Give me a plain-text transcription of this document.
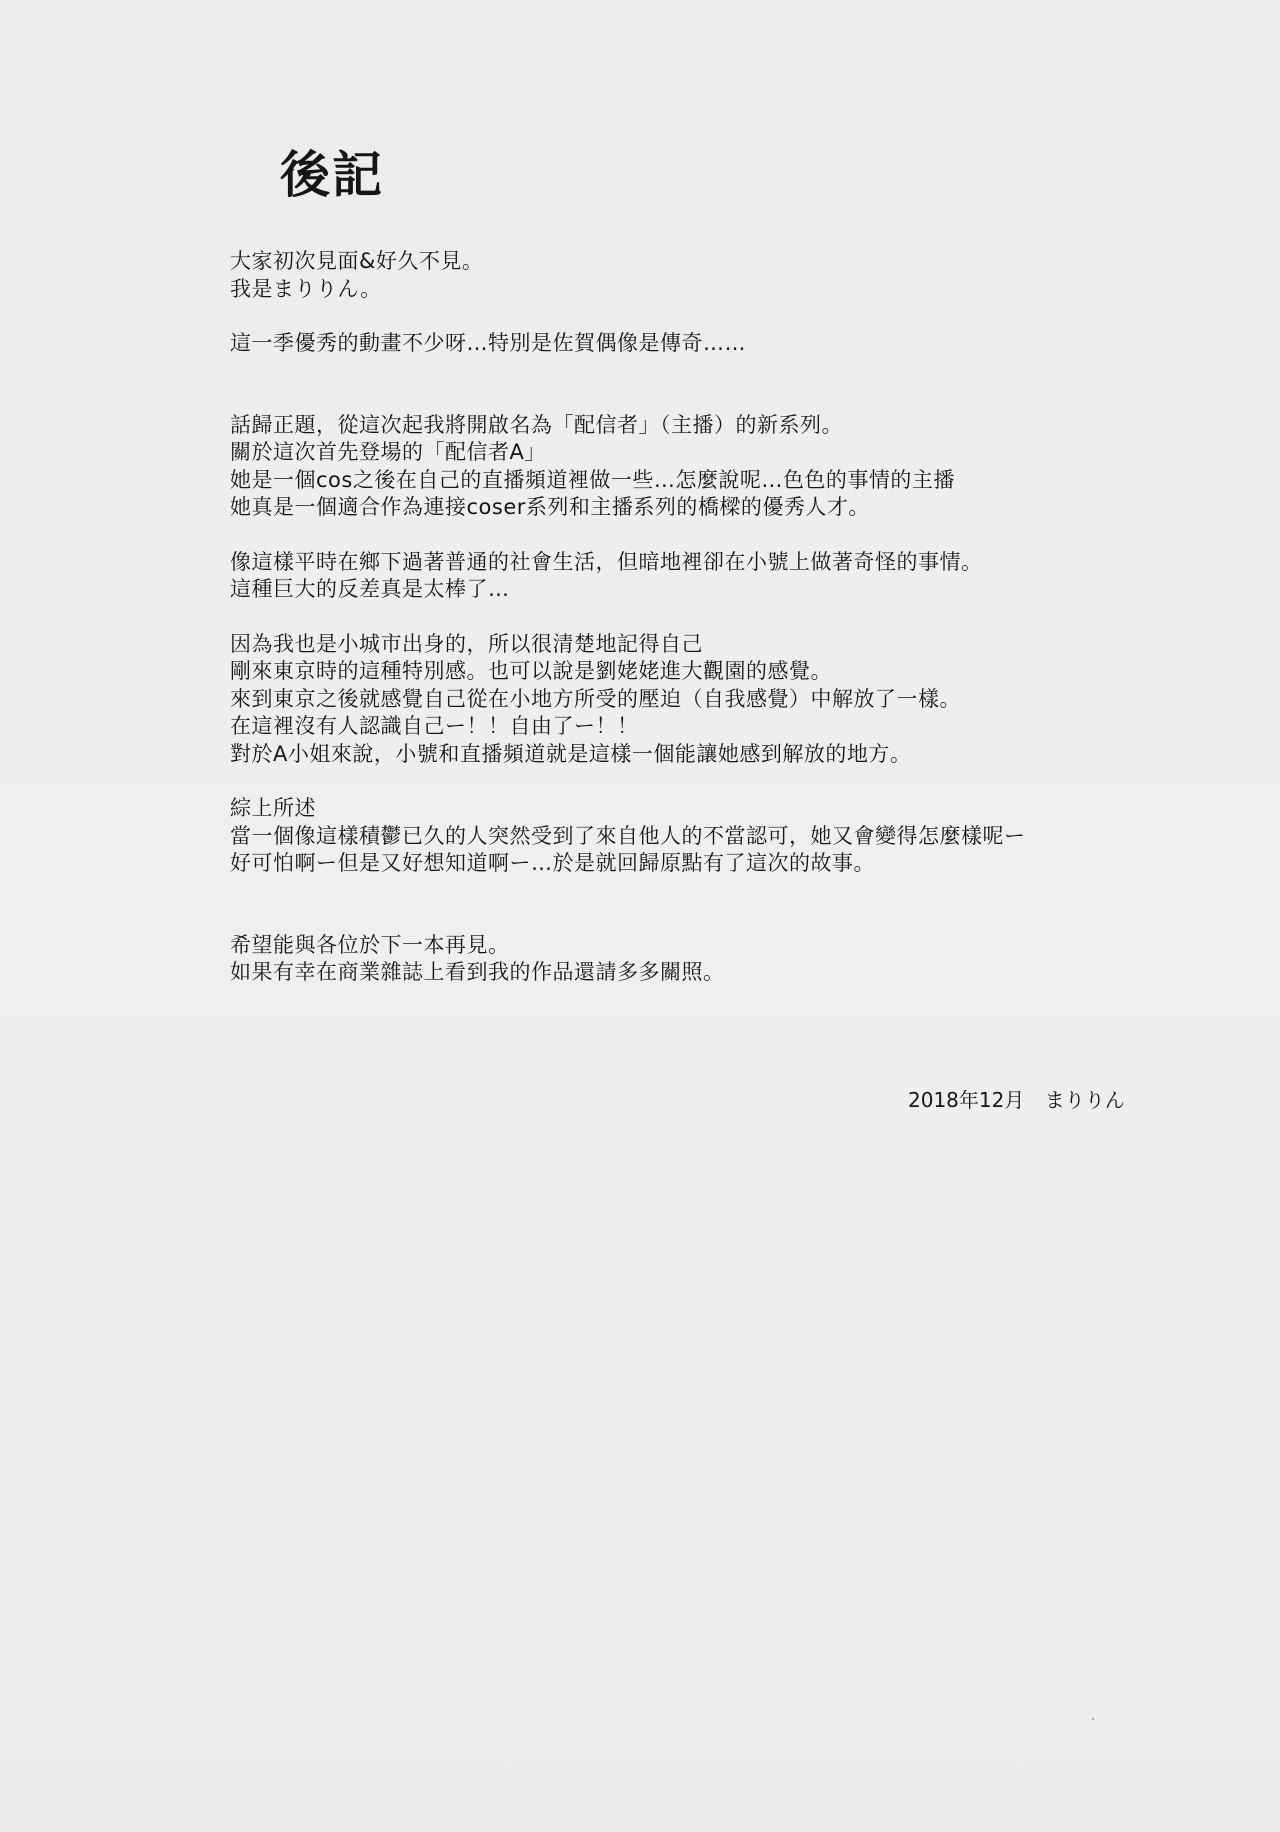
後記
大家初次見面&好久不見。
我是まりりん。
這一季優秀的動畫不少呀…特別是佐賀偶像是傳奇……
話歸正題，從這次起我將開啟名為「配信者」（主播）的新系列。
關於這次首先登場的「配信者A」
她是一個cos之後在自己的直播頻道裡做一些…怎麼說呢…色色的事情的主播
她真是一個適合作為連接coser系列和主播系列的橋樑的優秀人才。
像這樣平時在鄉下過著普通的社會生活，但暗地裡卻在小號上做著奇怪的事情。
這種巨大的反差真是太棒了…
因為我也是小城市出身的，所以很清楚地記得自己
剛來東京時的這種特別感。也可以說是劉姥姥進大觀園的感覺。
來到東京之後就感覺自己從在小地方所受的壓迫（自我感覺）中解放了一樣。
在這裡沒有人認識自己ー！！自由了ー！！
對於A小姐來說，小號和直播頻道就是這樣一個能讓她感到解放的地方。
綜上所述
當一個像這樣積鬱已久的人突然受到了來自他人的不當認可，她又會變得怎麼樣呢ー
好可怕啊ー但是又好想知道啊ー…於是就回歸原點有了這次的故事。
希望能與各位於下一本再見。
如果有幸在商業雜誌上看到我的作品還請多多關照。
2018年12月 まりりん
